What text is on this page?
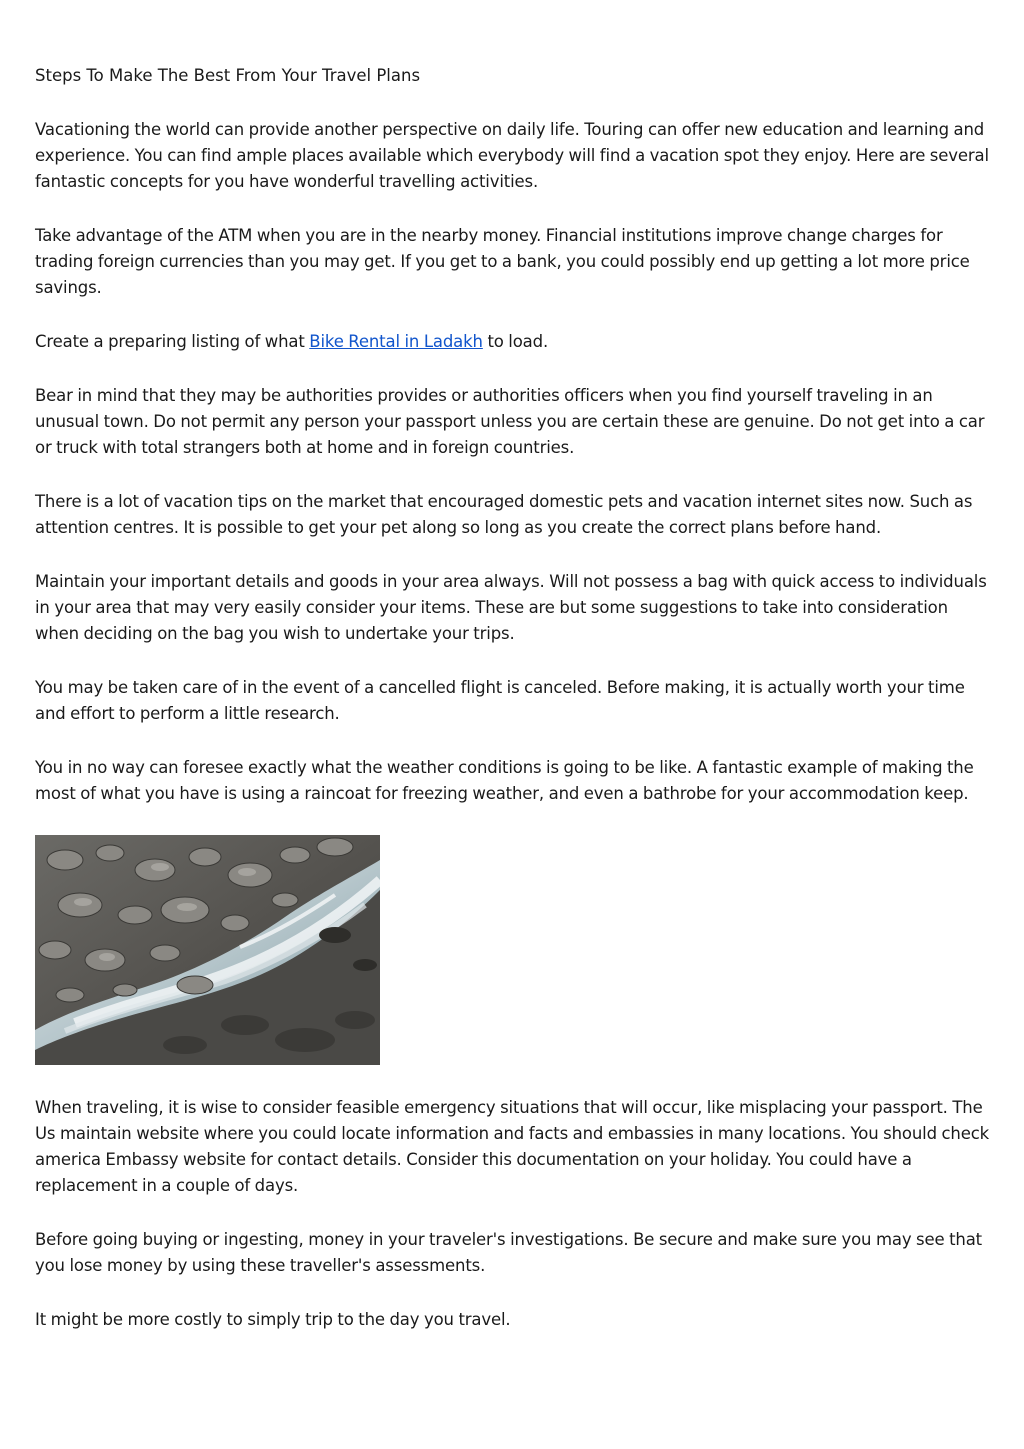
Steps To Make The Best From Your Travel Plans

Vacationing the world can provide another perspective on daily life. Touring can offer new education and learning and experience. You can find ample places available which everybody will find a vacation spot they enjoy. Here are several fantastic concepts for you have wonderful travelling activities.

Take advantage of the ATM when you are in the nearby money. Financial institutions improve change charges for trading foreign currencies than you may get. If you get to a bank, you could possibly end up getting a lot more price savings.

Create a preparing listing of what Bike Rental in Ladakh to load.

Bear in mind that they may be authorities provides or authorities officers when you find yourself traveling in an unusual town. Do not permit any person your passport unless you are certain these are genuine. Do not get into a car or truck with total strangers both at home and in foreign countries.

There is a lot of vacation tips on the market that encouraged domestic pets and vacation internet sites now. Such as attention centres. It is possible to get your pet along so long as you create the correct plans before hand.

Maintain your important details and goods in your area always. Will not possess a bag with quick access to individuals in your area that may very easily consider your items. These are but some suggestions to take into consideration when deciding on the bag you wish to undertake your trips.

You may be taken care of in the event of a cancelled flight is canceled. Before making, it is actually worth your time and effort to perform a little research.

You in no way can foresee exactly what the weather conditions is going to be like. A fantastic example of making the most of what you have is using a raincoat for freezing weather, and even a bathrobe for your accommodation keep.

When traveling, it is wise to consider feasible emergency situations that will occur, like misplacing your passport. The Us maintain website where you could locate information and facts and embassies in many locations. You should check america Embassy website for contact details. Consider this documentation on your holiday. You could have a replacement in a couple of days.

Before going buying or ingesting, money in your traveler's investigations. Be secure and make sure you may see that you lose money by using these traveller's assessments.

It might be more costly to simply trip to the day you travel.
